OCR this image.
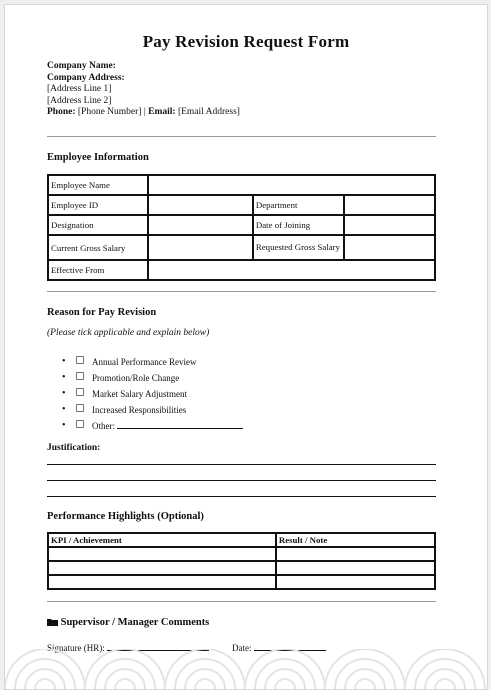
Pay Revision Request Form
Company Name:
Company Address:
[Address Line 1]
[Address Line 2]
Phone: [Phone Number] | Email: [Email Address]
Employee Information
Employee Name			
Employee ID		Department	
Designation		Date of Joining	
Current Gross Salary		Requested Gross Salary	
Effective From			
Reason for Pay Revision
(Please tick applicable and explain below)
• Annual Performance Review
• Promotion/Role Change
• Market Salary Adjustment
• Increased Responsibilities
• Other:
Justification:
Performance Highlights (Optional)
KPI / Achievement	Result / Note

Supervisor / Manager Comments
Signature (HR):	Date:
